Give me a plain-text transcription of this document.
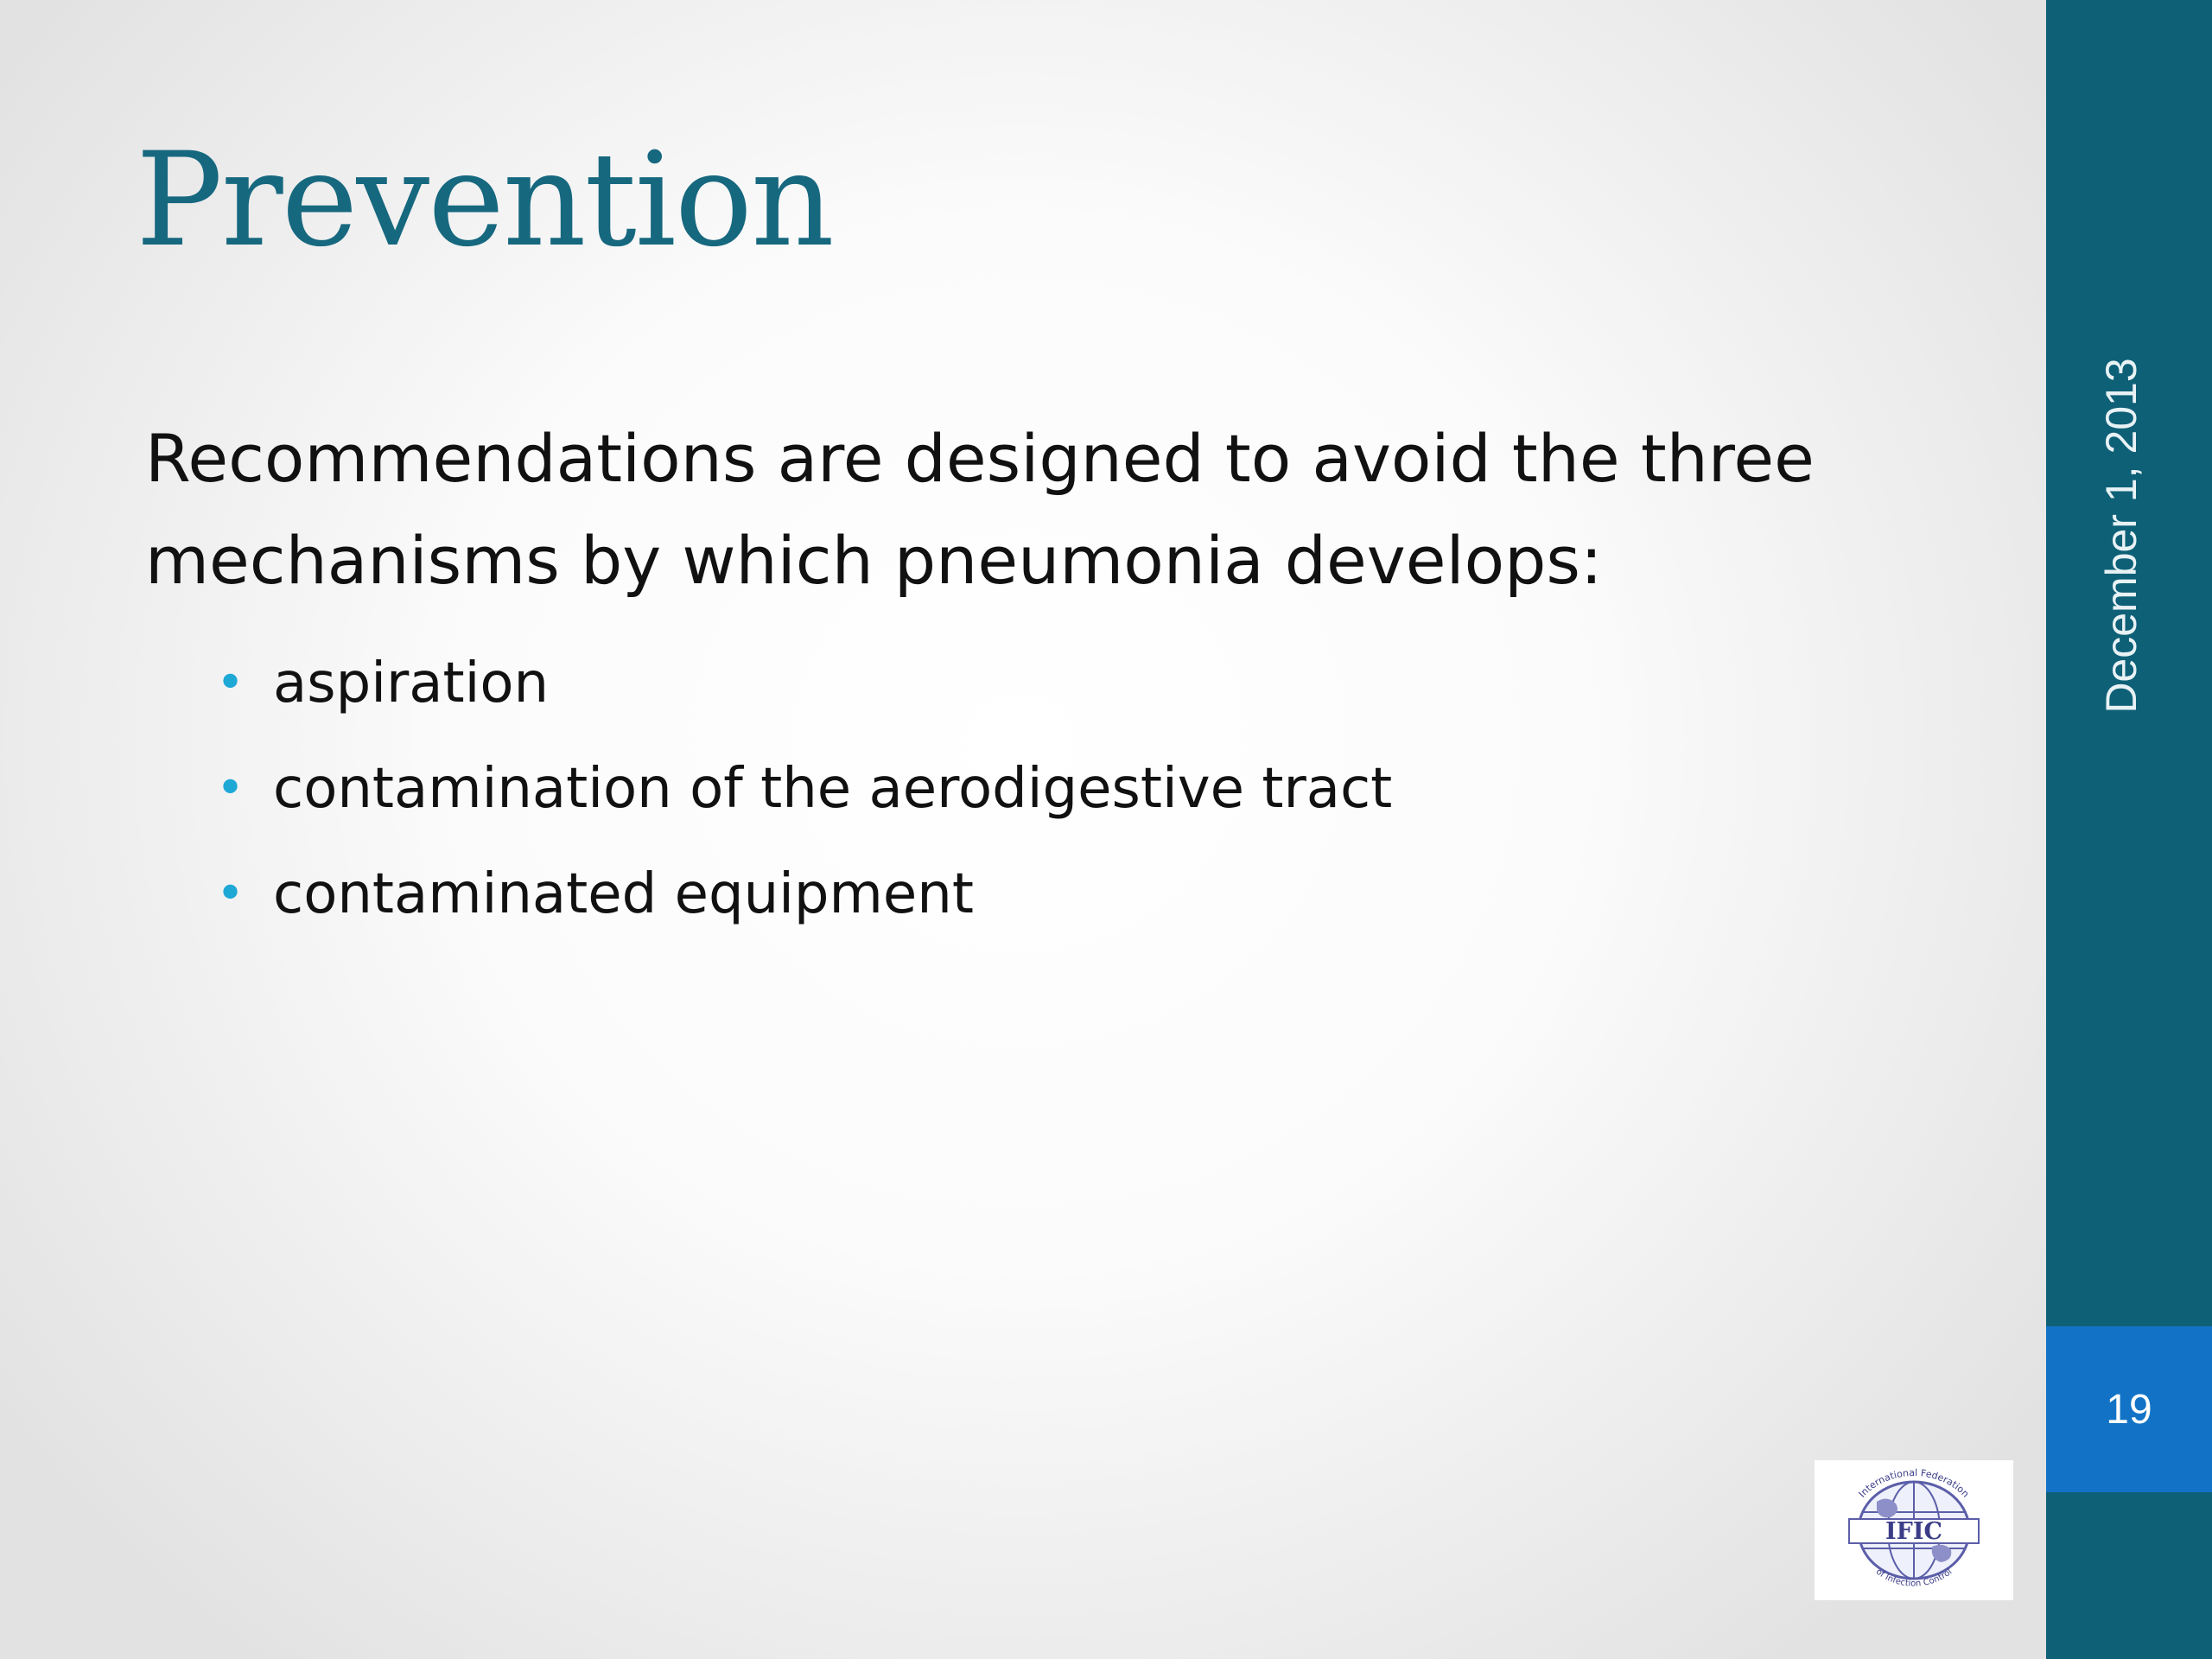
Prevention

Recommendations are designed to avoid the three mechanisms by which pneumonia develops:

• aspiration
• contamination of the aerodigestive tract
• contaminated equipment
December 1, 2013
19
IFIC
International Federation
of Infection Control
